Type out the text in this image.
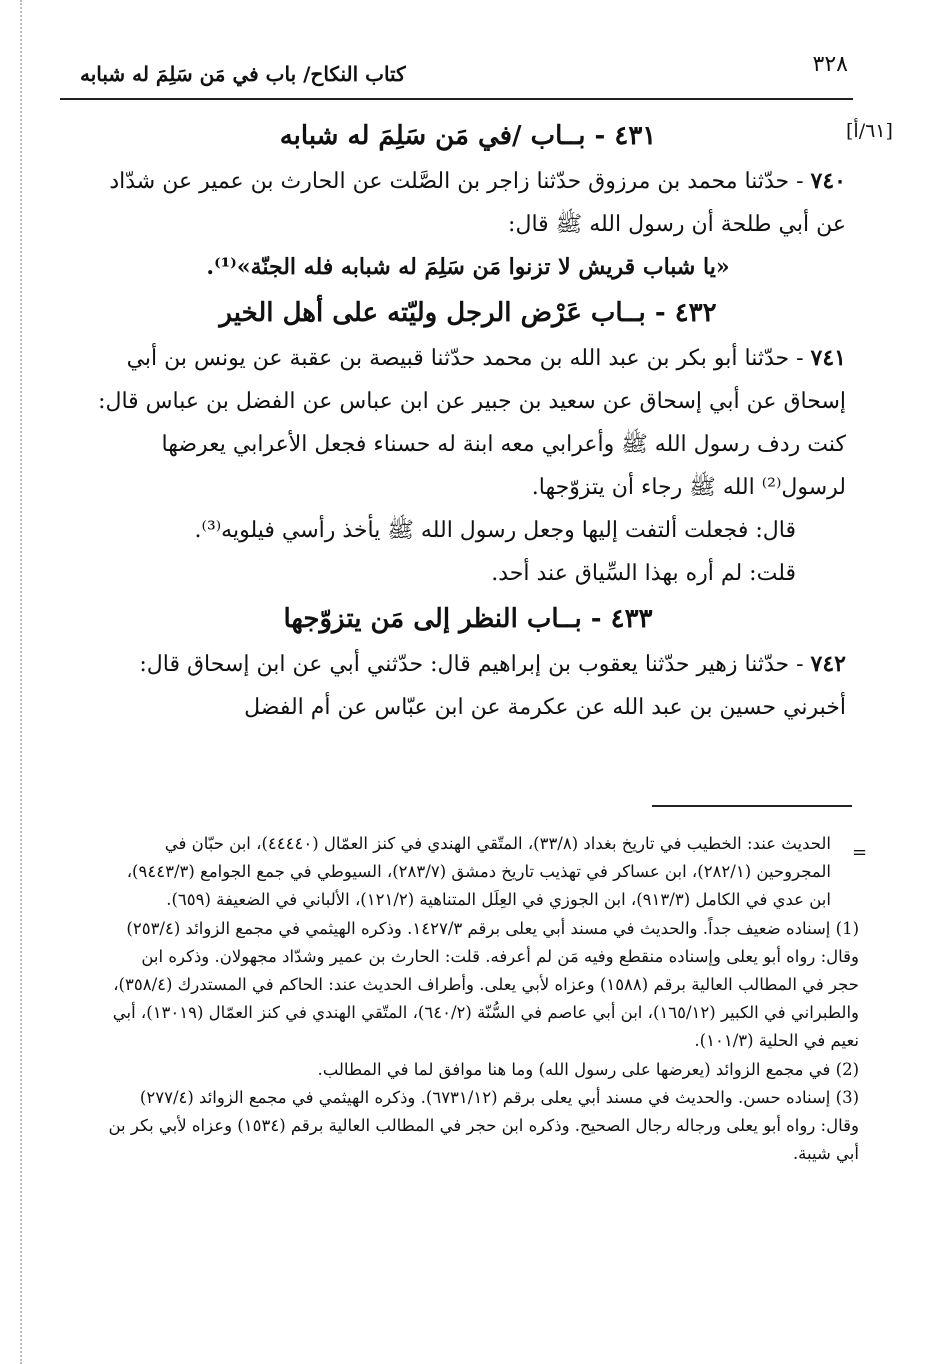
٣٢٨
كتاب النكاح/ باب في مَن سَلِمَ له شبابه
[٦١/أ]

٤٣١ - بــاب /في مَن سَلِمَ له شبابه

٧٤٠ - حدّثنا محمد بن مرزوق حدّثنا زاجر بن الصَّلت عن الحارث بن عمير عن شدّاد عن أبي طلحة أن رسول الله ﷺ قال:

«يا شباب قريش لا تزنوا مَن سَلِمَ له شبابه فله الجنّة»⁽¹⁾.

٤٣٢ - بــاب عَرْض الرجل وليّته على أهل الخير

٧٤١ - حدّثنا أبو بكر بن عبد الله بن محمد حدّثنا قبيصة بن عقبة عن يونس بن أبي إسحاق عن أبي إسحاق عن سعيد بن جبير عن ابن عباس عن الفضل بن عباس قال:

كنت ردف رسول الله ﷺ وأعرابي معه ابنة له حسناء فجعل الأعرابي يعرضها لرسول⁽²⁾ الله ﷺ رجاء أن يتزوّجها.

قال: فجعلت ألتفت إليها وجعل رسول الله ﷺ يأخذ رأسي فيلويه⁽³⁾.

قلت: لم أره بهذا السِّياق عند أحد.

٤٣٣ - بــاب النظر إلى مَن يتزوّجها

٧٤٢ - حدّثنا زهير حدّثنا يعقوب بن إبراهيم قال: حدّثني أبي عن ابن إسحاق قال: أخبرني حسين بن عبد الله عن عكرمة عن ابن عبّاس عن أم الفضل

=

الحديث عند: الخطيب في تاريخ بغداد (٣٣/٨)، المتّقي الهندي في كنز العمّال (٤٤٤٤٠)، ابن حبّان في المجروحين (٢٨٢/١)، ابن عساكر في تهذيب تاريخ دمشق (٢٨٣/٧)، السيوطي في جمع الجوامع (٩٤٤٣/٣)، ابن عدي في الكامل (٩١٣/٣)، ابن الجوزي في العِلَل المتناهية (١٢١/٢)، الألباني في الضعيفة (٦٥٩).

(1) إسناده ضعيف جداً. والحديث في مسند أبي يعلى برقم ١٤٢٧/٣. وذكره الهيثمي في مجمع الزوائد (٢٥٣/٤) وقال: رواه أبو يعلى وإسناده منقطع وفيه مَن لم أعرفه. قلت: الحارث بن عمير وشدّاد مجهولان. وذكره ابن حجر في المطالب العالية برقم (١٥٨٨) وعزاه لأبي يعلى. وأطراف الحديث عند: الحاكم في المستدرك (٣٥٨/٤)، والطبراني في الكبير (١٦٥/١٢)، ابن أبي عاصم في السُّنّة (٦٤٠/٢)، المتّقي الهندي في كنز العمّال (١٣٠١٩)، أبي نعيم في الحلية (١٠١/٣).

(2) في مجمع الزوائد (يعرضها على رسول الله) وما هنا موافق لما في المطالب.

(3) إسناده حسن. والحديث في مسند أبي يعلى برقم (٦٧٣١/١٢). وذكره الهيثمي في مجمع الزوائد (٢٧٧/٤) وقال: رواه أبو يعلى ورجاله رجال الصحيح. وذكره ابن حجر في المطالب العالية برقم (١٥٣٤) وعزاه لأبي بكر بن أبي شيبة.
